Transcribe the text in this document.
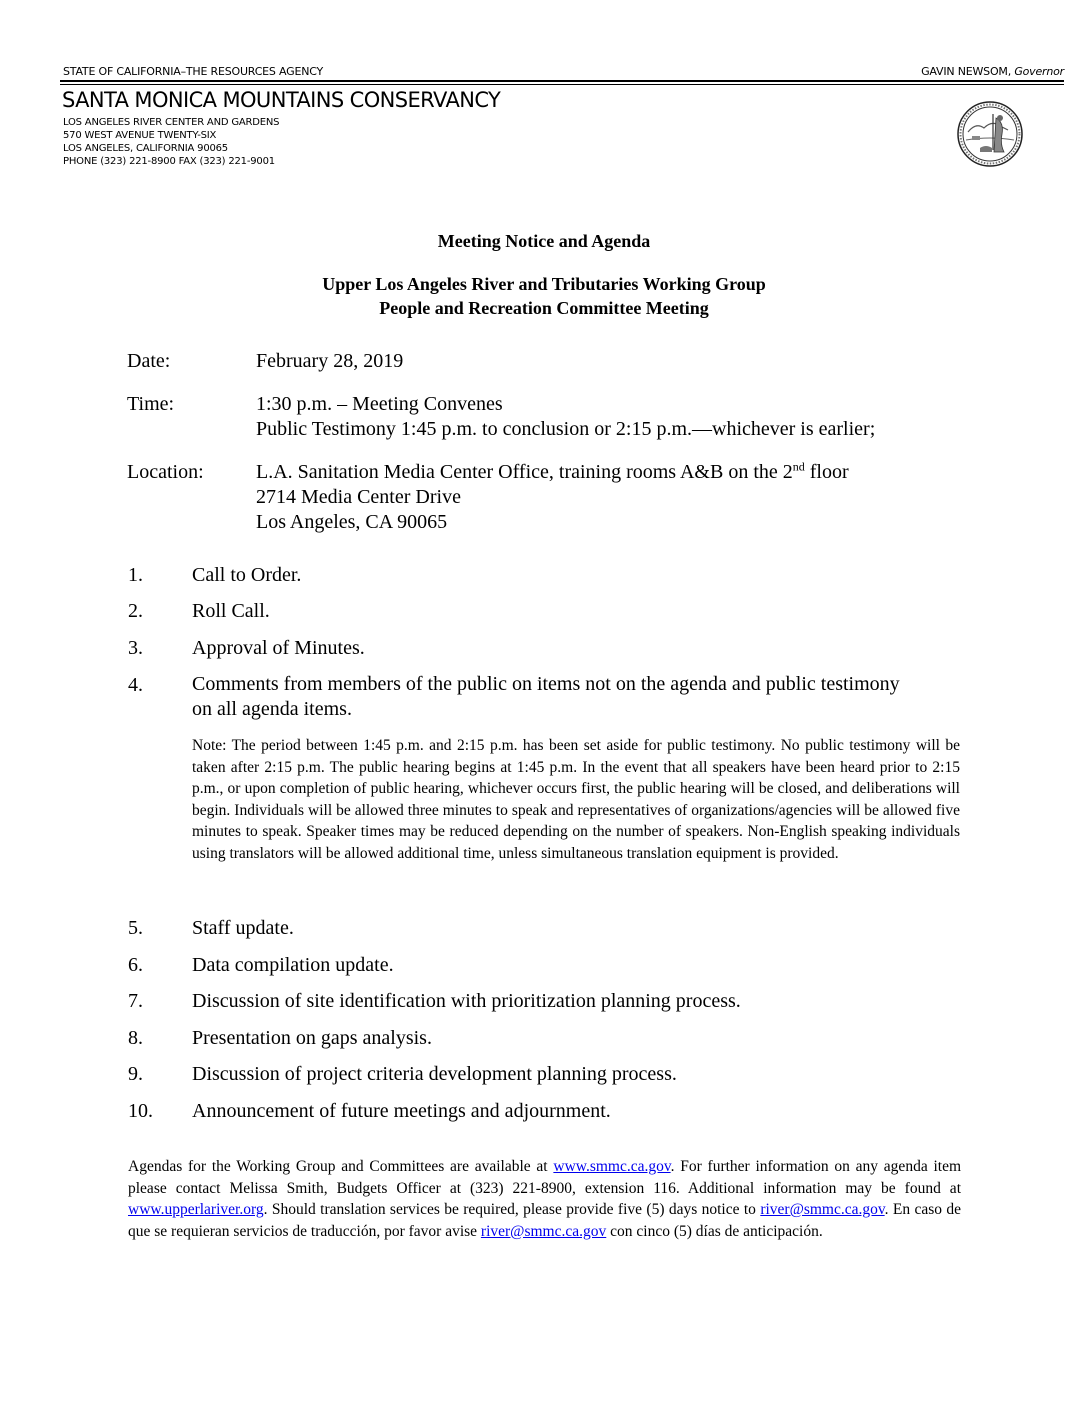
STATE OF CALIFORNIA–THE RESOURCES AGENCY	GAVIN NEWSOM, Governor
SANTA MONICA MOUNTAINS CONSERVANCY
LOS ANGELES RIVER CENTER AND GARDENS
570 WEST AVENUE TWENTY-SIX
LOS ANGELES, CALIFORNIA 90065
PHONE (323) 221-8900 FAX (323) 221-9001
Meeting Notice and Agenda
Upper Los Angeles River and Tributaries Working Group
People and Recreation Committee Meeting
Date:	February 28, 2019
Time:	1:30 p.m. – Meeting Convenes
Public Testimony 1:45 p.m. to conclusion or 2:15 p.m.—whichever is earlier;
Location:	L.A. Sanitation Media Center Office, training rooms A&B on the 2nd floor
2714 Media Center Drive
Los Angeles, CA 90065
1. Call to Order.
2. Roll Call.
3. Approval of Minutes.
4. Comments from members of the public on items not on the agenda and public testimony on all agenda items.
Note: The period between 1:45 p.m. and 2:15 p.m. has been set aside for public testimony. No public testimony will be taken after 2:15 p.m. The public hearing begins at 1:45 p.m. In the event that all speakers have been heard prior to 2:15 p.m., or upon completion of public hearing, whichever occurs first, the public hearing will be closed, and deliberations will begin. Individuals will be allowed three minutes to speak and representatives of organizations/agencies will be allowed five minutes to speak. Speaker times may be reduced depending on the number of speakers. Non-English speaking individuals using translators will be allowed additional time, unless simultaneous translation equipment is provided.
5. Staff update.
6. Data compilation update.
7. Discussion of site identification with prioritization planning process.
8. Presentation on gaps analysis.
9. Discussion of project criteria development planning process.
10. Announcement of future meetings and adjournment.
Agendas for the Working Group and Committees are available at www.smmc.ca.gov. For further information on any agenda item please contact Melissa Smith, Budgets Officer at (323) 221-8900, extension 116. Additional information may be found at www.upperlariver.org. Should translation services be required, please provide five (5) days notice to river@smmc.ca.gov. En caso de que se requieran servicios de traducción, por favor avise river@smmc.ca.gov con cinco (5) días de anticipación.
